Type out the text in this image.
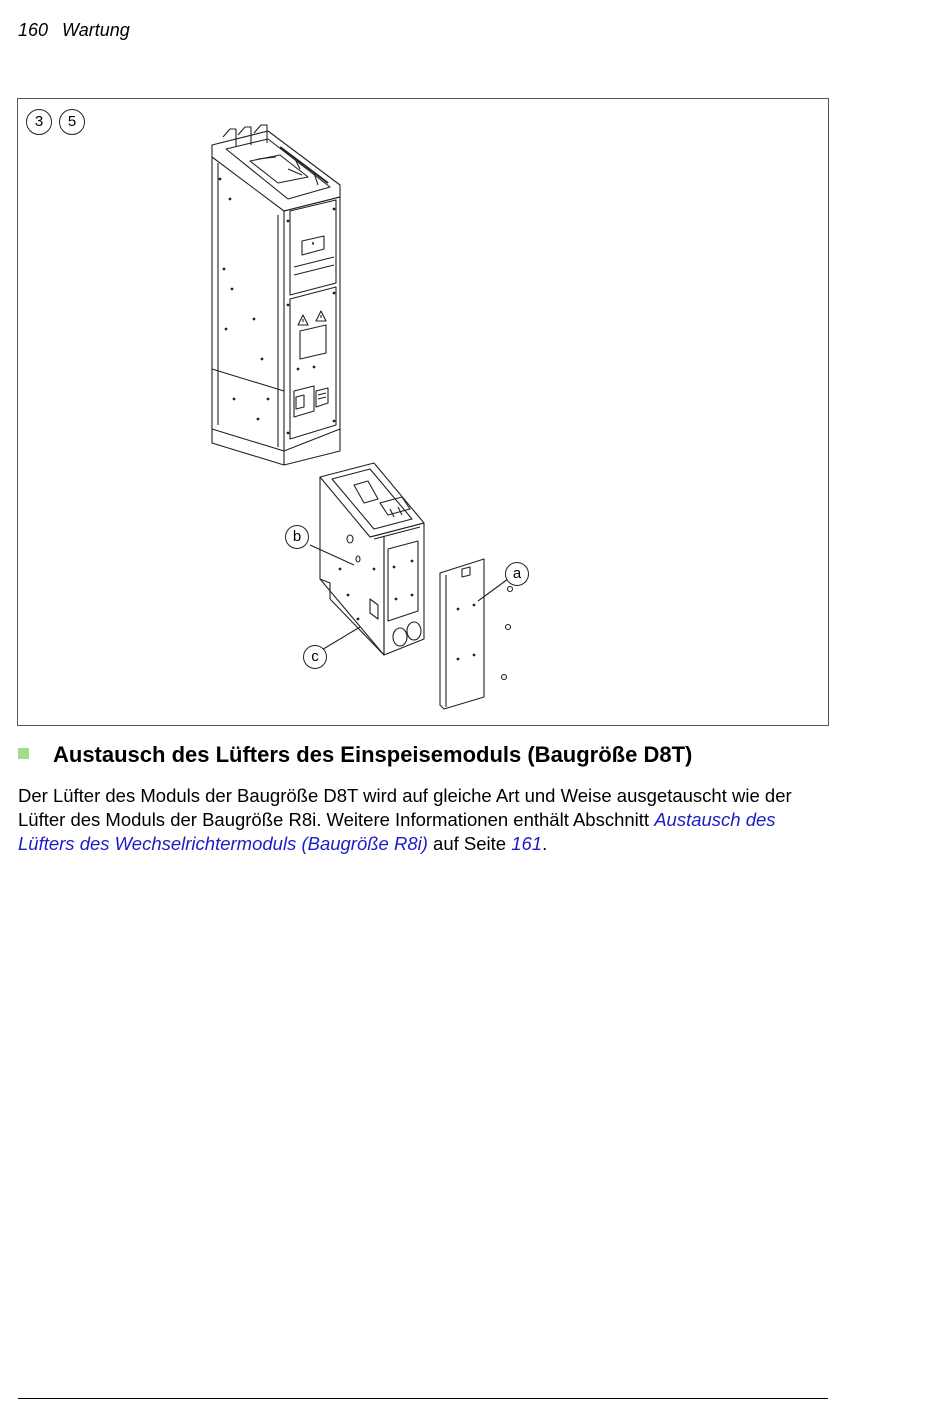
160 Wartung
3	5
a
b
c
Austausch des Lüfters des Einspeisemoduls (Baugröße D8T)
Der Lüfter des Moduls der Baugröße D8T wird auf gleiche Art und Weise ausgetauscht wie der Lüfter des Moduls der Baugröße R8i. Weitere Informationen enthält Abschnitt Austausch des Lüfters des Wechselrichtermoduls (Baugröße R8i) auf Seite 161.
